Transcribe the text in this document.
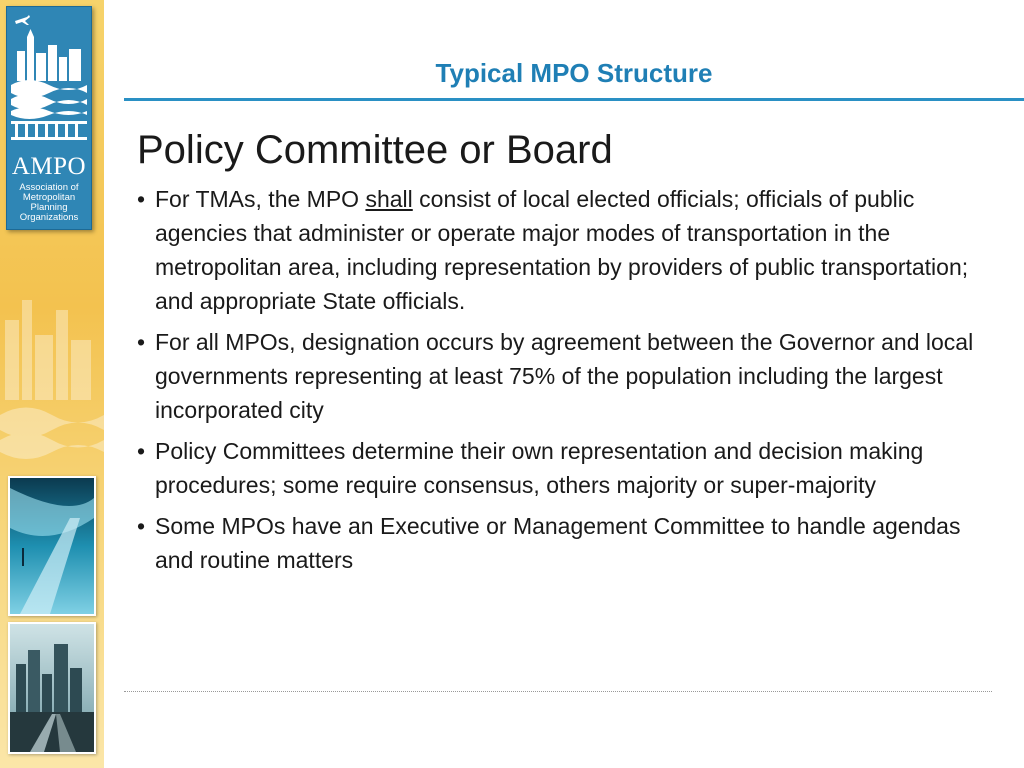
AMPO
Association of
Metropolitan
Planning
Organizations
Typical MPO Structure
Policy Committee or Board
• For TMAs, the MPO shall consist of local elected officials; officials of public agencies that administer or operate major modes of transportation in the metropolitan area, including representation by providers of public transportation; and appropriate State officials.
• For all MPOs, designation occurs by agreement between the Governor and local governments representing at least 75% of the population including the largest incorporated city
• Policy Committees determine their own representation and decision making procedures; some require consensus, others majority or super-majority
• Some MPOs have an Executive or Management Committee to handle agendas and routine matters
